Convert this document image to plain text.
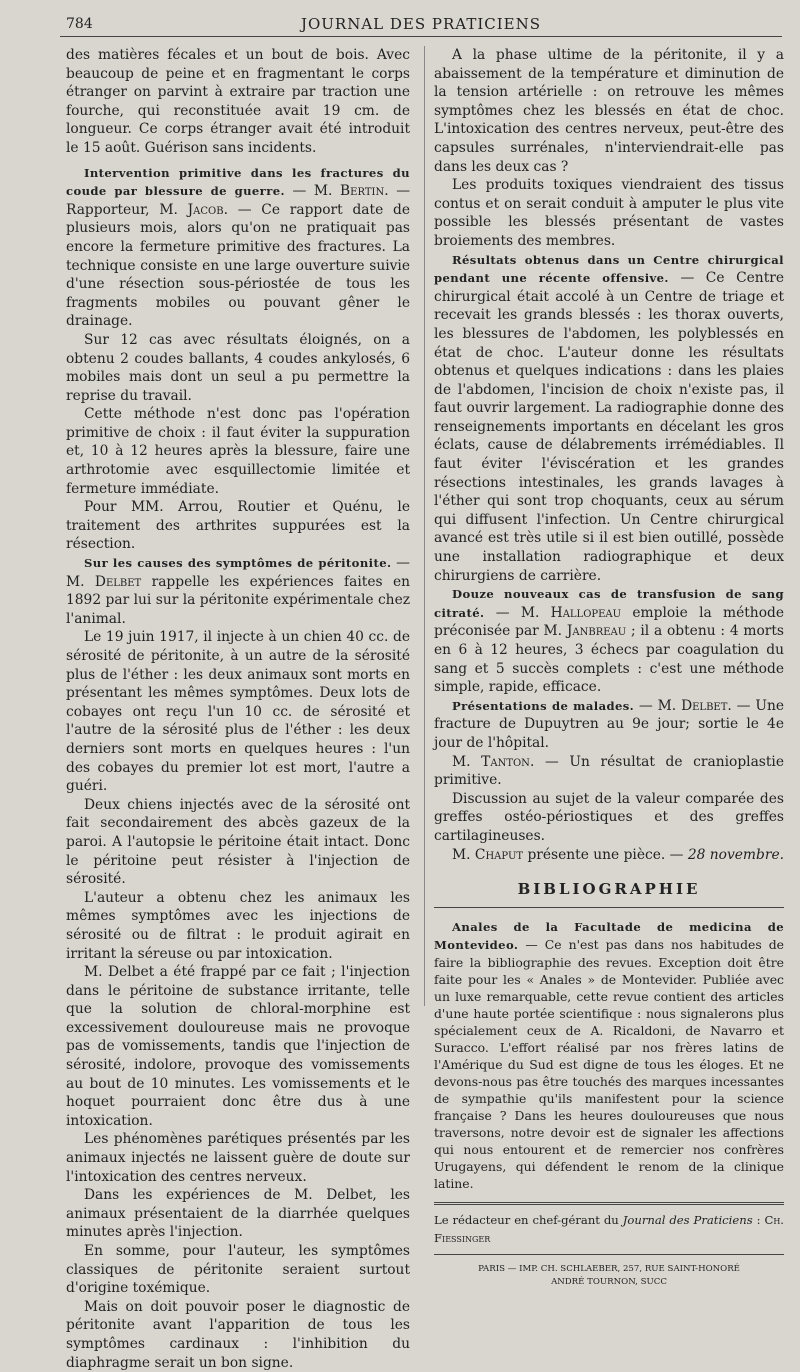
784	JOURNAL DES PRATICIENS

des matières fécales et un bout de bois. Avec beaucoup de peine et en fragmentant le corps étranger on parvint à extraire par traction une fourche, qui reconstituée avait 19 cm. de longueur. Ce corps étranger avait été introduit le 15 août. Guérison sans incidents.

Intervention primitive dans les fractures du coude par blessure de guerre. — M. Bertin. — Rapporteur, M. Jacob. — Ce rapport date de plusieurs mois, alors qu'on ne pratiquait pas encore la fermeture primitive des fractures. La technique consiste en une large ouverture suivie d'une résection sous-périostée de tous les fragments mobiles ou pouvant gêner le drainage.

Sur 12 cas avec résultats éloignés, on a obtenu 2 coudes ballants, 4 coudes ankylosés, 6 mobiles mais dont un seul a pu permettre la reprise du travail.

Cette méthode n'est donc pas l'opération primitive de choix : il faut éviter la suppuration et, 10 à 12 heures après la blessure, faire une arthrotomie avec esquillectomie limitée et fermeture immédiate.

Pour MM. Arrou, Routier et Quénu, le traitement des arthrites suppurées est la résection.

Sur les causes des symptômes de péritonite. — M. Delbet rappelle les expériences faites en 1892 par lui sur la péritonite expérimentale chez l'animal.

Le 19 juin 1917, il injecte à un chien 40 cc. de sérosité de péritonite, à un autre de la sérosité plus de l'éther : les deux animaux sont morts en présentant les mêmes symptômes. Deux lots de cobayes ont reçu l'un 10 cc. de sérosité et l'autre de la sérosité plus de l'éther : les deux derniers sont morts en quelques heures : l'un des cobayes du premier lot est mort, l'autre a guéri.

Deux chiens injectés avec de la sérosité ont fait secondairement des abcès gazeux de la paroi. A l'autopsie le péritoine était intact. Donc le péritoine peut résister à l'injection de sérosité.

L'auteur a obtenu chez les animaux les mêmes symptômes avec les injections de sérosité ou de filtrat : le produit agirait en irritant la séreuse ou par intoxication.

M. Delbet a été frappé par ce fait ; l'injection dans le péritoine de substance irritante, telle que la solution de chloral-morphine est excessivement douloureuse mais ne provoque pas de vomissements, tandis que l'injection de sérosité, indolore, provoque des vomissements au bout de 10 minutes. Les vomissements et le hoquet pourraient donc être dus à une intoxication.

Les phénomènes parétiques présentés par les animaux injectés ne laissent guère de doute sur l'intoxication des centres nerveux.

Dans les expériences de M. Delbet, les animaux présentaient de la diarrhée quelques minutes après l'injection.

En somme, pour l'auteur, les symptômes classiques de péritonite seraient surtout d'origine toxémique.

Mais on doit pouvoir poser le diagnostic de péritonite avant l'apparition de tous les symptômes cardinaux : l'inhibition du diaphragme serait un bon signe.

A la phase ultime de la péritonite, il y a abaissement de la température et diminution de la tension artérielle : on retrouve les mêmes symptômes chez les blessés en état de choc. L'intoxication des centres nerveux, peut-être des capsules surrénales, n'interviendrait-elle pas dans les deux cas ?

Les produits toxiques viendraient des tissus contus et on serait conduit à amputer le plus vite possible les blessés présentant de vastes broiements des membres.

Résultats obtenus dans un Centre chirurgical pendant une récente offensive. — Ce Centre chirurgical était accolé à un Centre de triage et recevait les grands blessés : les thorax ouverts, les blessures de l'abdomen, les polyblessés en état de choc. L'auteur donne les résultats obtenus et quelques indications : dans les plaies de l'abdomen, l'incision de choix n'existe pas, il faut ouvrir largement. La radiographie donne des renseignements importants en décelant les gros éclats, cause de délabrements irrémédiables. Il faut éviter l'éviscération et les grandes résections intestinales, les grands lavages à l'éther qui sont trop choquants, ceux au sérum qui diffusent l'infection. Un Centre chirurgical avancé est très utile si il est bien outillé, possède une installation radiographique et deux chirurgiens de carrière.

Douze nouveaux cas de transfusion de sang citraté. — M. Hallopeau emploie la méthode préconisée par M. Janbreau ; il a obtenu : 4 morts en 6 à 12 heures, 3 échecs par coagulation du sang et 5 succès complets : c'est une méthode simple, rapide, efficace.

Présentations de malades. — M. Delbet. — Une fracture de Dupuytren au 9e jour; sortie le 4e jour de l'hôpital.

M. Tanton. — Un résultat de cranioplastie primitive.

Discussion au sujet de la valeur comparée des greffes ostéo-périostiques et des greffes cartilagineuses.

M. Chaput présente une pièce. — 28 novembre.

BIBLIOGRAPHIE

Anales de la Facultade de medicina de Montevideo. — Ce n'est pas dans nos habitudes de faire la bibliographie des revues. Exception doit être faite pour les « Anales » de Montevider. Publiée avec un luxe remarquable, cette revue contient des articles d'une haute portée scientifique : nous signalerons plus spécialement ceux de A. Ricaldoni, de Navarro et Suracco. L'effort réalisé par nos frères latins de l'Amérique du Sud est digne de tous les éloges. Et ne devons-nous pas être touchés des marques incessantes de sympathie qu'ils manifestent pour la science française ? Dans les heures douloureuses que nous traversons, notre devoir est de signaler les affections qui nous entourent et de remercier nos confrères Urugayens, qui défendent le renom de la clinique latine.

Le rédacteur en chef-gérant du Journal des Praticiens : Ch. Fiessinger

PARIS — IMP. CH. SCHLAEBER, 257, RUE SAINT-HONORÉ

ANDRÉ TOURNON, SUCC
